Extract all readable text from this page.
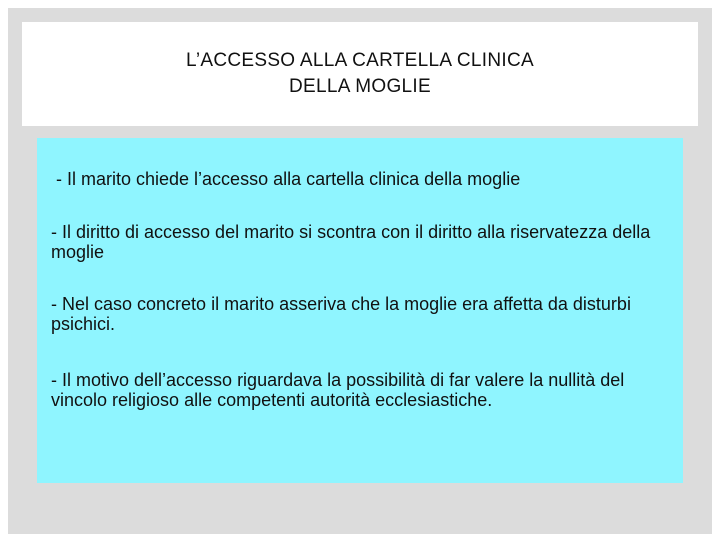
L’ACCESSO ALLA CARTELLA CLINICA
DELLA MOGLIE

- Il marito chiede l’accesso alla cartella clinica della moglie

- Il diritto di accesso del marito si scontra con il diritto alla riservatezza della moglie

- Nel caso concreto il marito asseriva che la moglie era affetta da disturbi psichici.

- Il motivo dell’accesso riguardava la possibilità di far valere la nullità del vincolo religioso alle competenti autorità ecclesiastiche.
